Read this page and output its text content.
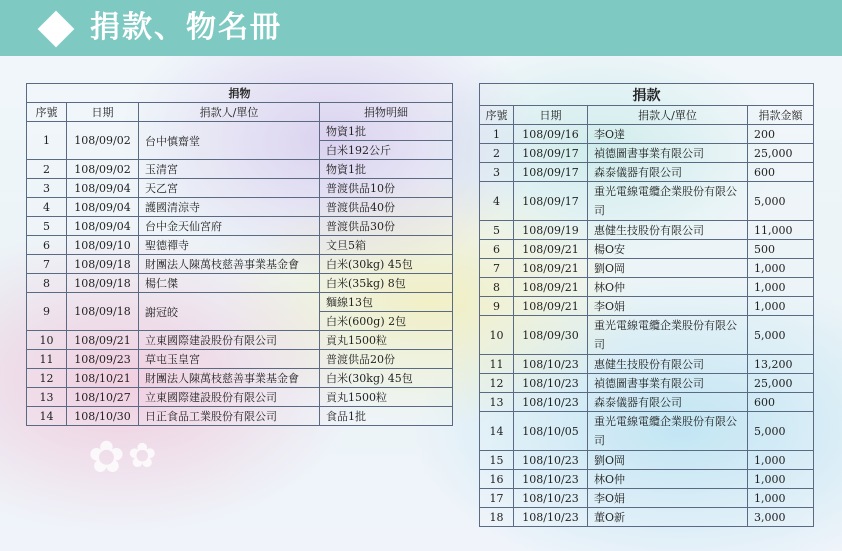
捐款、物名冊
✿ ✿
捐物			
序號	日期	捐款人/單位	捐物明細
1	108/09/02	台中慎齋堂	物資1批
			白米192公斤
2	108/09/02	玉清宮	物資1批
3	108/09/04	天乙宮	普渡供品10份
4	108/09/04	護國清涼寺	普渡供品40份
5	108/09/04	台中金天仙宮府	普渡供品30份
6	108/09/10	聖德禪寺	文旦5箱
7	108/09/18	財團法人陳萬枝慈善事業基金會	白米(30kg) 45包
8	108/09/18	楊仁傑	白米(35kg) 8包
9	108/09/18	謝冠皎	麵線13包
			白米(600g) 2包
10	108/09/21	立東國際建設股份有限公司	貢丸1500粒
11	108/09/23	草屯玉皇宮	普渡供品20份
12	108/10/21	財團法人陳萬枝慈善事業基金會	白米(30kg) 45包
13	108/10/27	立東國際建設股份有限公司	貢丸1500粒
14	108/10/30	日正食品工業股份有限公司	食品1批
捐款			
序號	日期	捐款人/單位	捐款金額
1	108/09/16	李O達	200
2	108/09/17	禎德圖書事業有限公司	25,000
3	108/09/17	森泰儀器有限公司	600
4	108/09/17	重光電線電纜企業股份有限公司	5,000
5	108/09/19	惠健生技股份有限公司	11,000
6	108/09/21	楊O安	500
7	108/09/21	劉O岡	1,000
8	108/09/21	林O仲	1,000
9	108/09/21	李O娟	1,000
10	108/09/30	重光電線電纜企業股份有限公司	5,000
11	108/10/23	惠健生技股份有限公司	13,200
12	108/10/23	禎德圖書事業有限公司	25,000
13	108/10/23	森泰儀器有限公司	600
14	108/10/05	重光電線電纜企業股份有限公司	5,000
15	108/10/23	劉O岡	1,000
16	108/10/23	林O仲	1,000
17	108/10/23	李O娟	1,000
18	108/10/23	董O新	3,000
